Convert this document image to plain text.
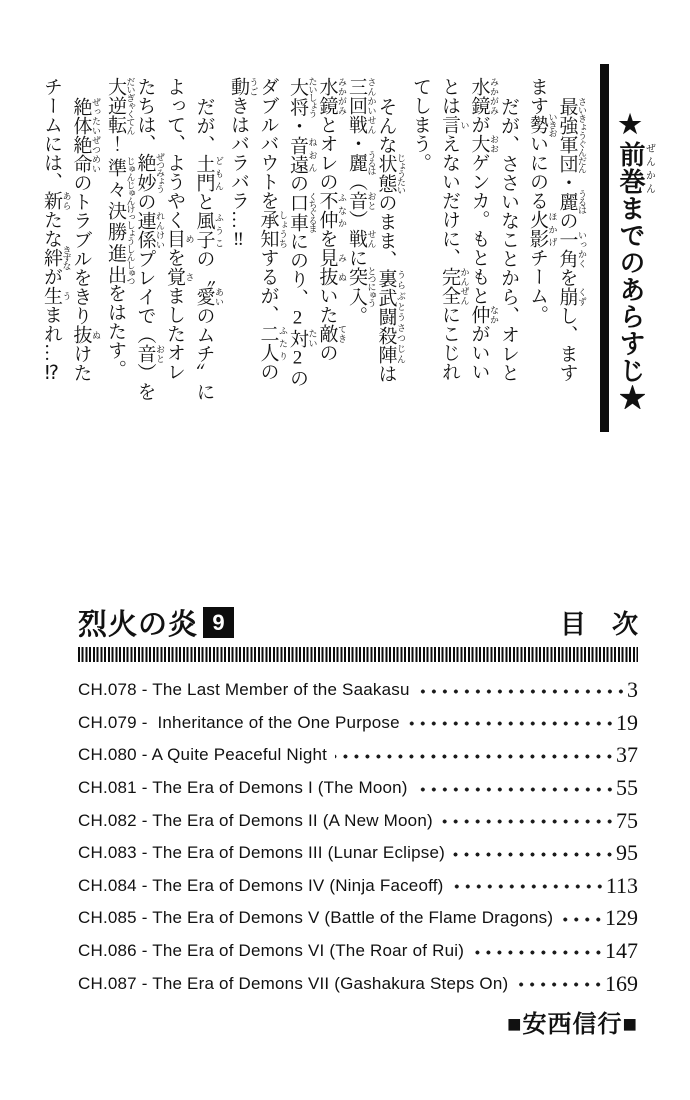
★前巻ぜんかんまでのあらすじ★

最強軍団 さいきょうぐんだん・麗 うるはの一角 いっかくを崩 くずし、ます
ます勢 いきおいにのる火影 ほかげチーム。

だが、ささいなことから、オレと
水鏡 みかがみが大 おおゲンカ。もともと仲 なかがいい
とは言 いえないだけに、完全 かんぜんにこじれ
てしまう。

そんな状態 じょうたいのまま、裏武闘殺陣 うらぶとうさつじんは
三回戦 さんかいせん・麗 うるは（音 おと）戦 せんに突入 とつにゅう。
水鏡 みかがみとオレの不仲 ふなかを見抜 みぬいた敵 てきの
大将 たいしょう・音遠 ねおんの口車 くちぐるまにのり、2対 たい2の
ダブルバウトを承知 しょうちするが、二人 ふたりの
動 うごきはバラバラ…‼

だが、土門 どもんと風子 ふうこの〝愛 あいのムチ〟に
よって、ようやく目 めを覚 さましたオレ
たちは、絶妙 ぜつみょうの連係 れんけいプレイで（音 おと）を
大逆転 だいぎゃくてん！ 準々決勝進出 じゅんじゅんけっしょうしんしゅつをはたす。

絶体絶命 ぜったいぜつめいのトラブルをきり抜 ぬけた
チームには、新 あらたな絆 きずなが生 うまれ…⁉

烈火の炎 9	目　次
CH.078 - The Last Member of the Saakasu	3
CH.079 -  Inheritance of the One Purpose	19
CH.080 - A Quite Peaceful Night	37
CH.081 - The Era of Demons I (The Moon)	55
CH.082 - The Era of Demons II (A New Moon)	75
CH.083 - The Era of Demons III (Lunar Eclipse)	95
CH.084 - The Era of Demons IV (Ninja Faceoff)	113
CH.085 - The Era of Demons V (Battle of the Flame Dragons) 129
CH.086 - The Era of Demons VI (The Roar of Rui)	147
CH.087 - The Era of Demons VII (Gashakura Steps On)	169
■安西信行■
